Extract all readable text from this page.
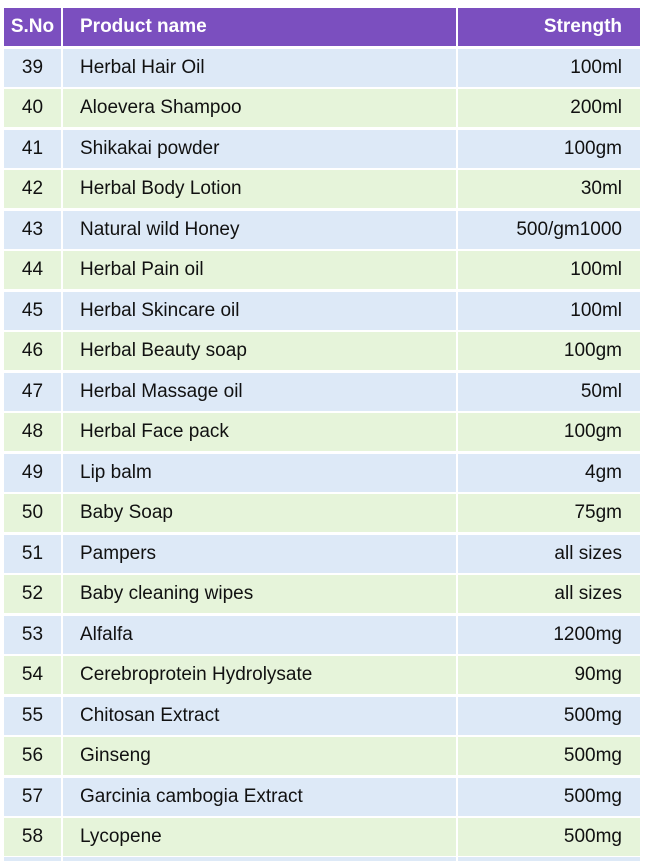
S.No	Product name	Strength
39	Herbal Hair Oil	100ml
40	Aloevera Shampoo	200ml
41	Shikakai powder	100gm
42	Herbal Body Lotion	30ml
43	Natural wild Honey	500/gm1000
44	Herbal Pain oil	100ml
45	Herbal Skincare oil	100ml
46	Herbal Beauty soap	100gm
47	Herbal Massage oil	50ml
48	Herbal Face pack	100gm
49	Lip balm	4gm
50	Baby Soap	75gm
51	Pampers	all sizes
52	Baby cleaning wipes	all sizes
53	Alfalfa	1200mg
54	Cerebroprotein Hydrolysate	90mg
55	Chitosan Extract	500mg
56	Ginseng	500mg
57	Garcinia cambogia Extract	500mg
58	Lycopene	500mg
